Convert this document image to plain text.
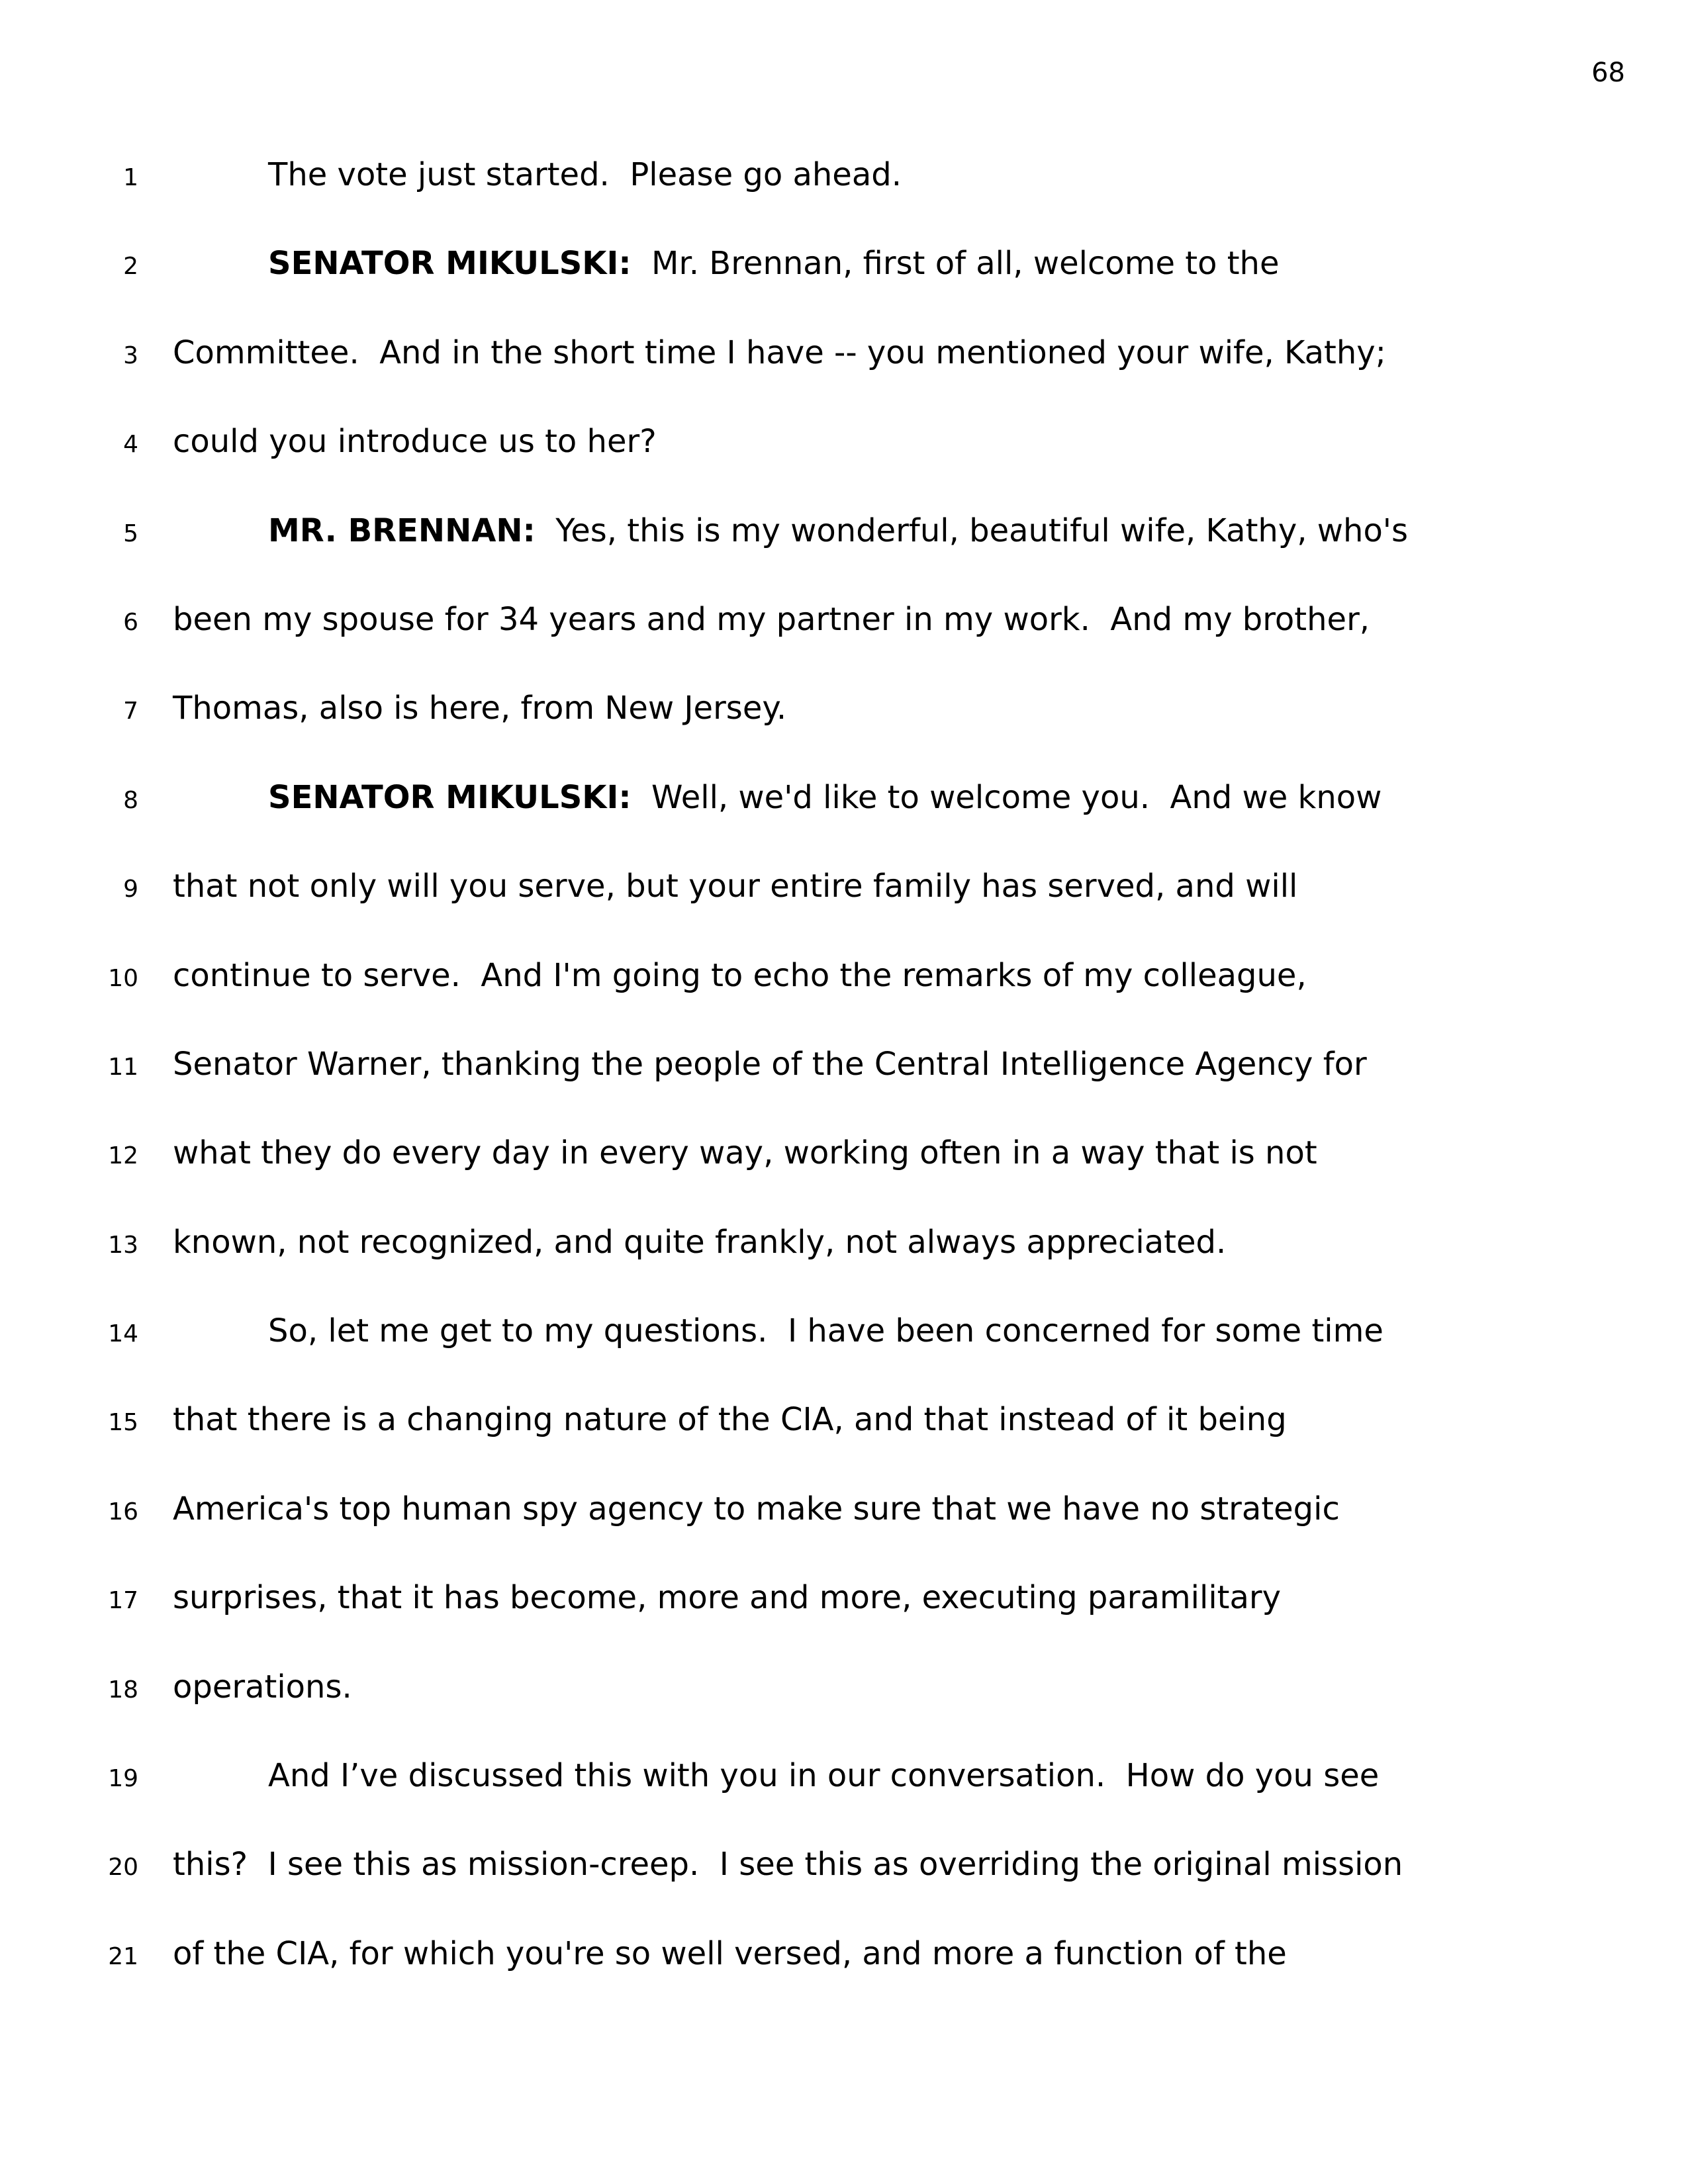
68
1	The vote just started.  Please go ahead.
2	SENATOR MIKULSKI:  Mr. Brennan, first of all, welcome to the
3 Committee.  And in the short time I have -- you mentioned your wife, Kathy;
4 could you introduce us to her?
5	MR. BRENNAN:  Yes, this is my wonderful, beautiful wife, Kathy, who's
6 been my spouse for 34 years and my partner in my work.  And my brother,
7 Thomas, also is here, from New Jersey.
8	SENATOR MIKULSKI:  Well, we'd like to welcome you.  And we know
9 that not only will you serve, but your entire family has served, and will
10 continue to serve.  And I'm going to echo the remarks of my colleague,
11 Senator Warner, thanking the people of the Central Intelligence Agency for
12 what they do every day in every way, working often in a way that is not
13 known, not recognized, and quite frankly, not always appreciated.
14	So, let me get to my questions.  I have been concerned for some time
15 that there is a changing nature of the CIA, and that instead of it being
16 America's top human spy agency to make sure that we have no strategic
17 surprises, that it has become, more and more, executing paramilitary
18 operations.
19	And I’ve discussed this with you in our conversation.  How do you see
20 this?  I see this as mission-creep.  I see this as overriding the original mission
21 of the CIA, for which you're so well versed, and more a function of the
